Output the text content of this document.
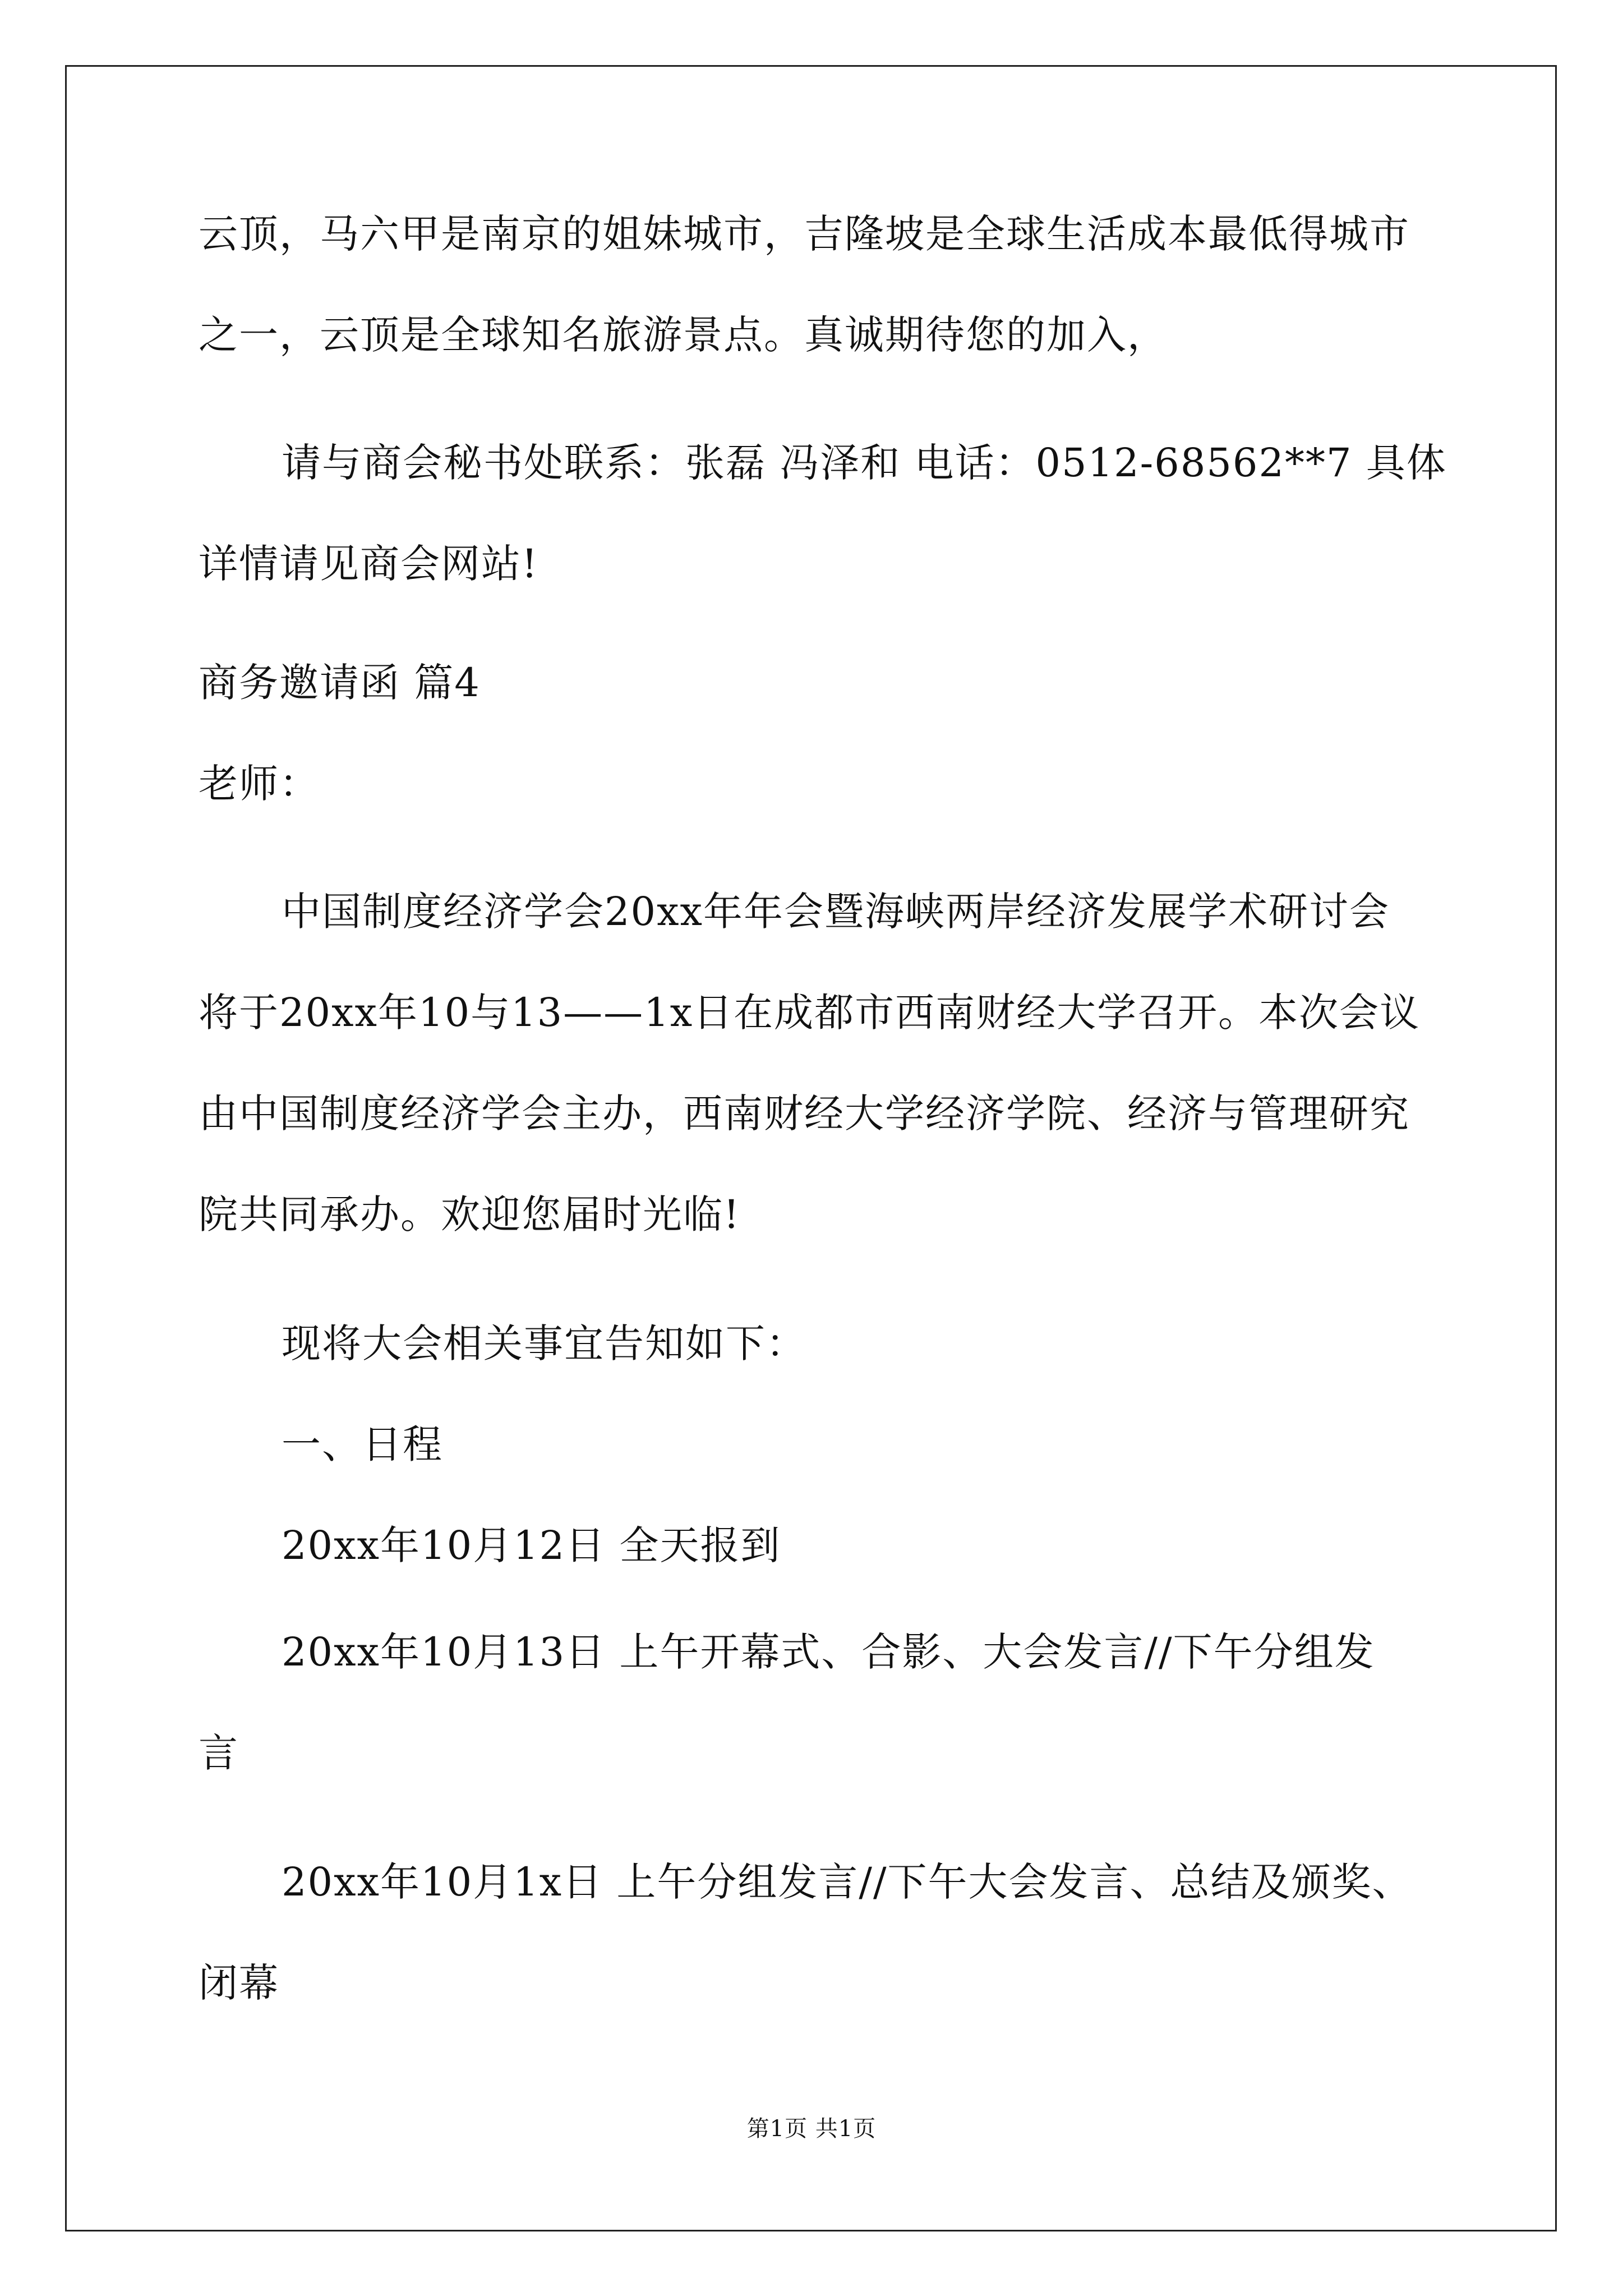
云顶，马六甲是南京的姐妹城市，吉隆坡是全球生活成本最低得城市
之一，云顶是全球知名旅游景点。真诚期待您的加入，
请与商会秘书处联系：张磊 冯泽和 电话：0512-68562**7 具体
详情请见商会网站!
商务邀请函 篇4
老师：
中国制度经济学会20xx年年会暨海峡两岸经济发展学术研讨会
将于20xx年10与13——1x日在成都市西南财经大学召开。本次会议
由中国制度经济学会主办，西南财经大学经济学院、经济与管理研究
院共同承办。欢迎您届时光临!
现将大会相关事宜告知如下：
一、日程
20xx年10月12日 全天报到
20xx年10月13日 上午开幕式、合影、大会发言//下午分组发
言
20xx年10月1x日 上午分组发言//下午大会发言、总结及颁奖、
闭幕
第1页 共1页
